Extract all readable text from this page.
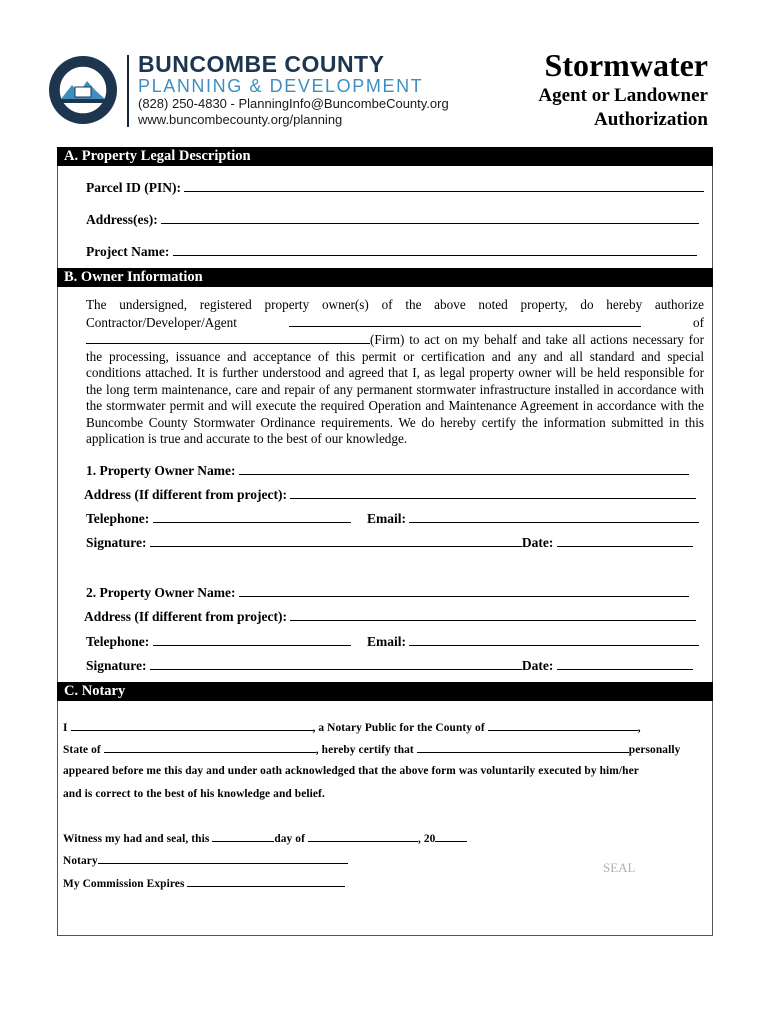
BUNCOMBE COUNTY
PLANNING & DEVELOPMENT
(828) 250-4830 - PlanningInfo@BuncombeCounty.org
www.buncombecounty.org/planning
Stormwater
Agent or Landowner
Authorization
A. Property Legal Description
Parcel ID (PIN):
Address(es):
Project Name:
B. Owner Information
The undersigned, registered property owner(s) of the above noted property, do hereby authorize Contractor/Developer/Agent	of (Firm) to act on my behalf and take all actions necessary for the processing, issuance and acceptance of this permit or certification and any and all standard and special conditions attached. It is further understood and agreed that I, as legal property owner will be held responsible for the long term maintenance, care and repair of any permanent stormwater infrastructure installed in accordance with the stormwater permit and will execute the required Operation and Maintenance Agreement in accordance with the Buncombe County Stormwater Ordinance requirements. We do hereby certify the information submitted in this application is true and accurate to the best of our knowledge.
1. Property Owner Name:
Address (If different from project):
Telephone:	Email:
Signature:	Date:
2. Property Owner Name:
Address (If different from project):
Telephone:	Email:
Signature:	Date:
C. Notary
I	, a Notary Public for the County of	,
State of	, hereby certify that	personally
appeared before me this day and under oath acknowledged that the above form was voluntarily executed by him/her
and is correct to the best of his knowledge and belief.
Witness my had and seal, this	day of	, 20
Notary
My Commission Expires
SEAL
